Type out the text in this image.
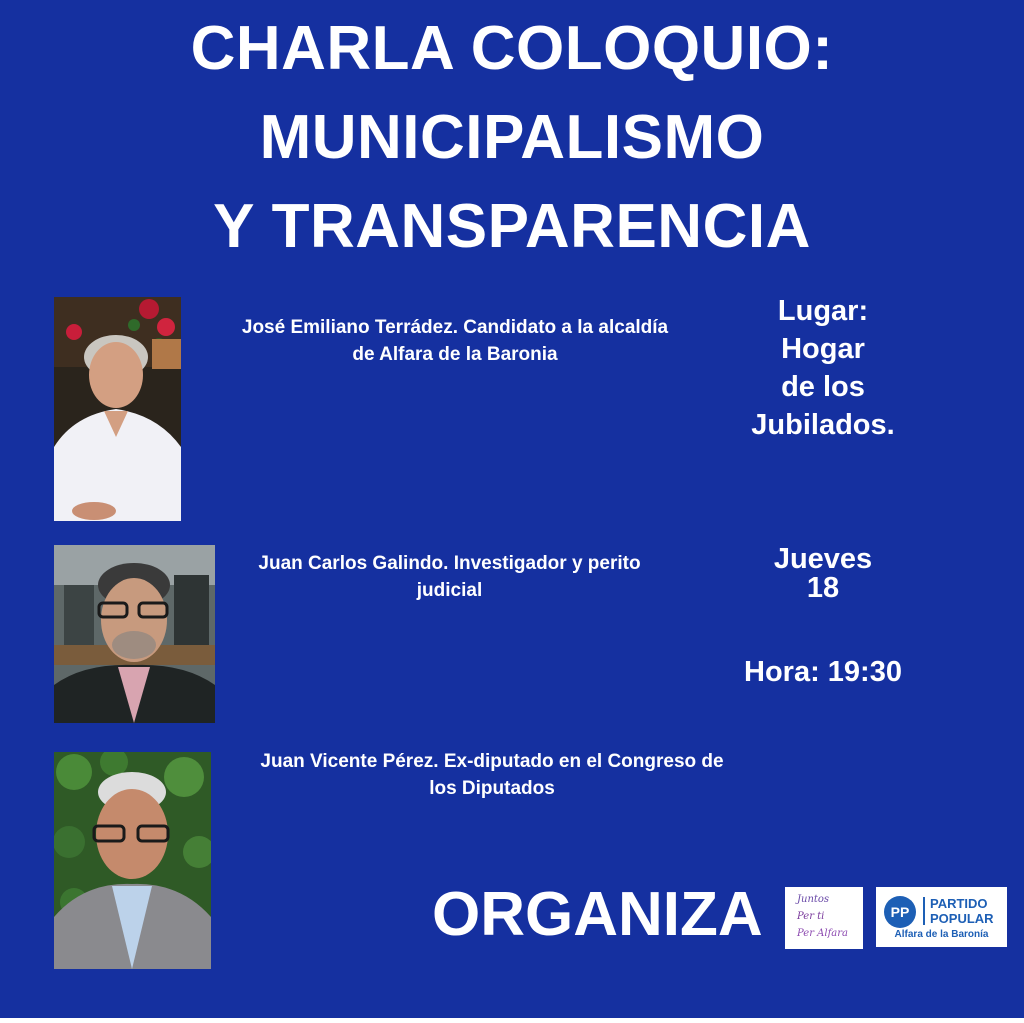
CHARLA COLOQUIO:
MUNICIPALISMO
Y TRANSPARENCIA
José Emiliano Terrádez. Candidato a la alcaldía
de Alfara de la Baronia
Juan Carlos Galindo. Investigador y perito
judicial
Juan Vicente Pérez. Ex-diputado en el Congreso de
los Diputados
Lugar:
Hogar
de los
Jubilados.
Jueves
18
Hora: 19:30
ORGANIZA	Juntos
Per ti
Per Alfara
PP
PARTIDO
POPULAR
Alfara de la Baronía
